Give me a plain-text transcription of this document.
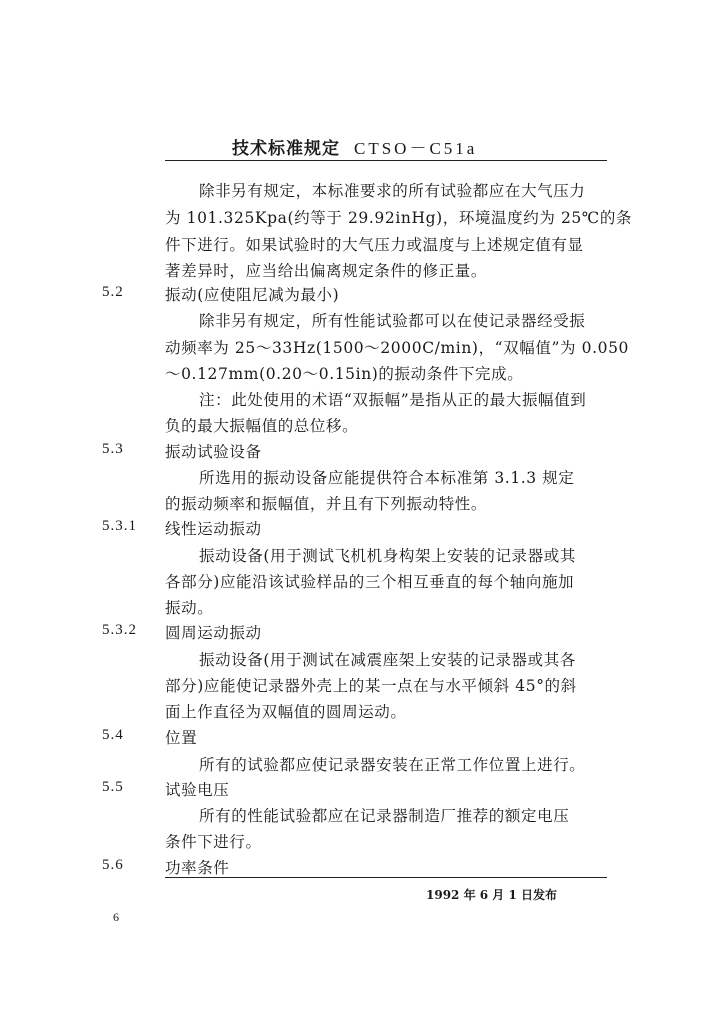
技术标准规定 CTSO－C51a
除非另有规定，本标准要求的所有试验都应在大气压力
为 101.325Kpa(约等于 29.92inHg)，环境温度约为 25℃的条
件下进行。如果试验时的大气压力或温度与上述规定值有显
著差异时，应当给出偏离规定条件的修正量。
5.2	振动(应使阻尼减为最小)
除非另有规定，所有性能试验都可以在使记录器经受振
动频率为 25～33Hz(1500～2000C/min)，“双幅值”为 0.050
～0.127mm(0.20～0.15in)的振动条件下完成。
注：此处使用的术语“双振幅”是指从正的最大振幅值到
负的最大振幅值的总位移。
5.3	振动试验设备
所选用的振动设备应能提供符合本标准第 3.1.3 规定
的振动频率和振幅值，并且有下列振动特性。
5.3.1 线性运动振动
振动设备(用于测试飞机机身构架上安装的记录器或其
各部分)应能沿该试验样品的三个相互垂直的每个轴向施加
振动。
5.3.2 圆周运动振动
振动设备(用于测试在减震座架上安装的记录器或其各
部分)应能使记录器外壳上的某一点在与水平倾斜 45°的斜
面上作直径为双幅值的圆周运动。
5.4	位置
所有的试验都应使记录器安装在正常工作位置上进行。
5.5	试验电压
所有的性能试验都应在记录器制造厂推荐的额定电压
条件下进行。
5.6	功率条件
1992 年 6 月 1 日发布
6
